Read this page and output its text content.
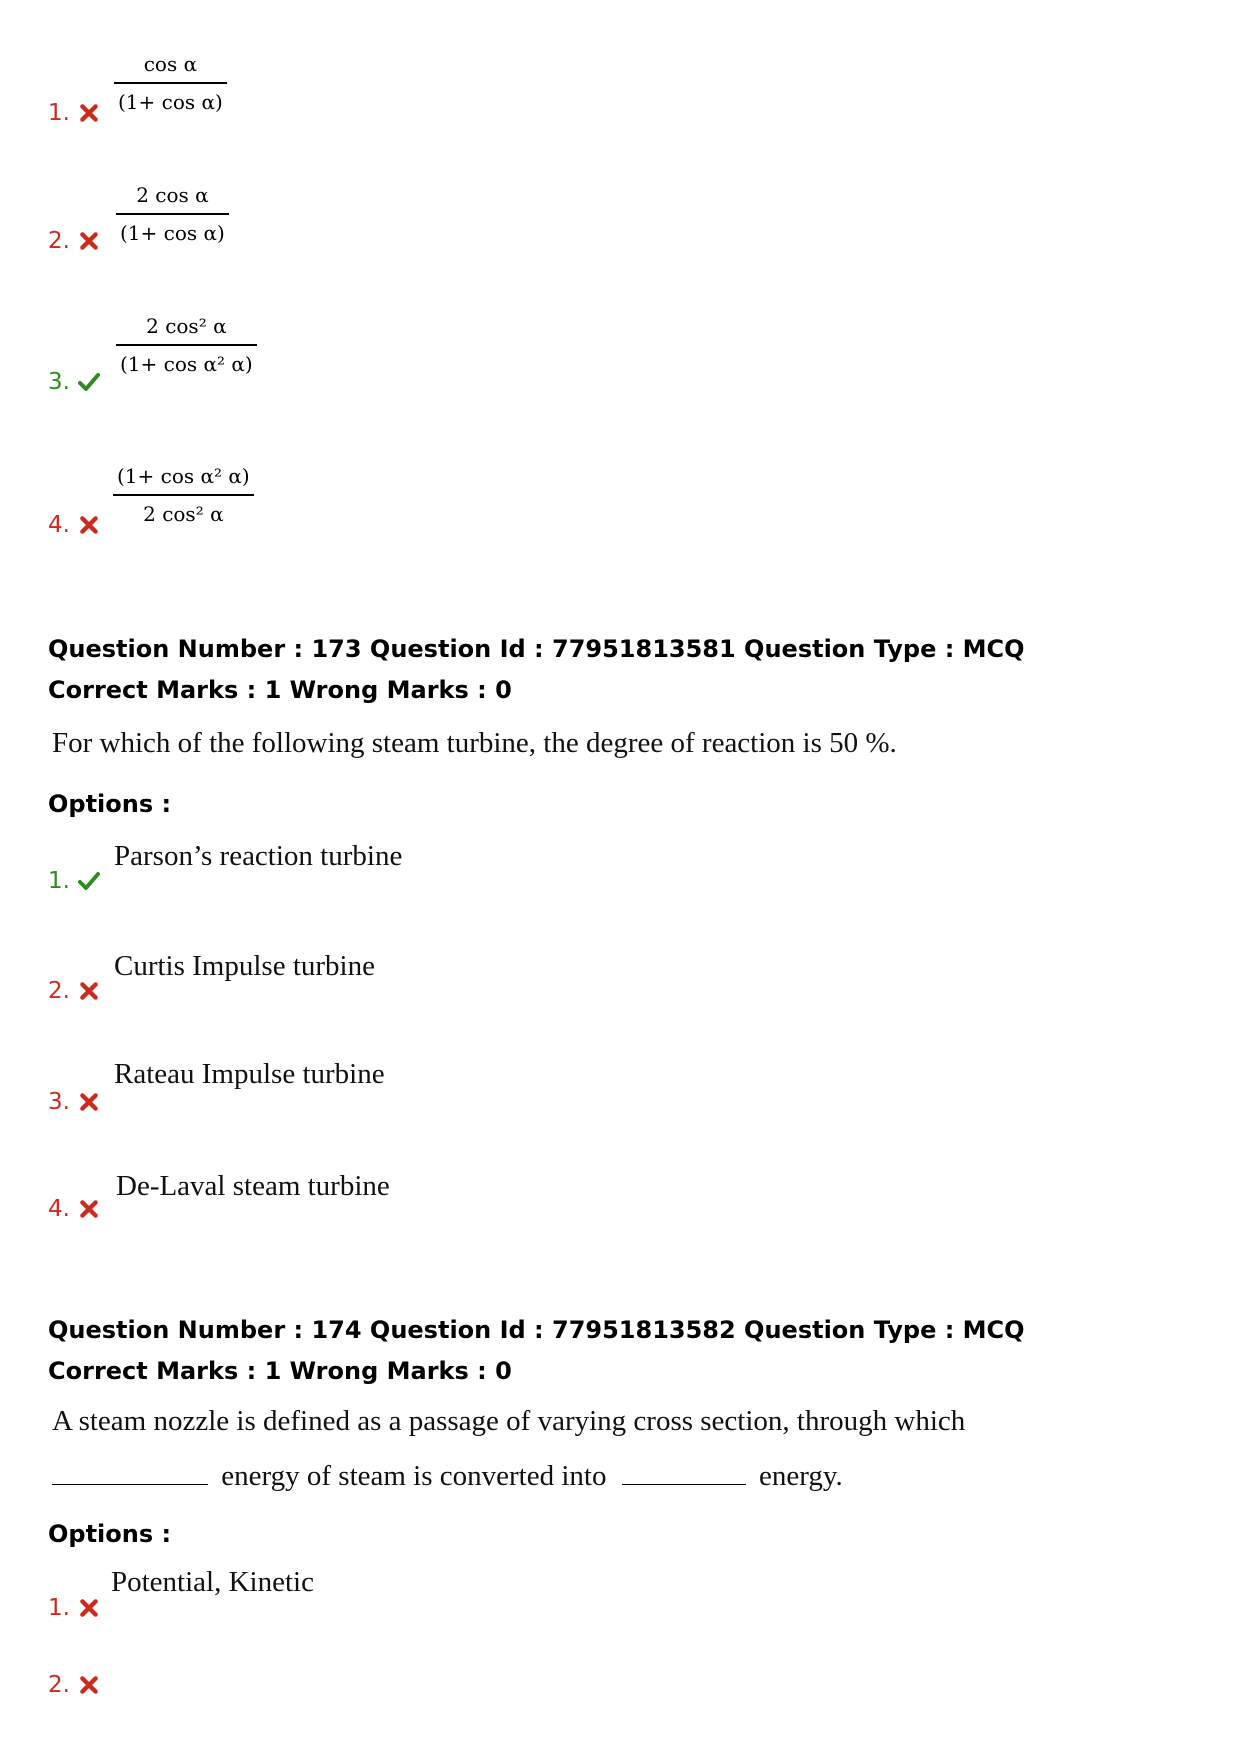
1.
cos α
(1+ cos α)
2.
2 cos α
(1+ cos α)
3.
2 cos² α
(1+ cos α² α)
4.
(1+ cos α² α)
2 cos² α
Question Number : 173 Question Id : 77951813581 Question Type : MCQ
Correct Marks : 1 Wrong Marks : 0
For which of the following steam turbine, the degree of reaction is 50 %.
Options :
1.
Parson’s reaction turbine
2.
Curtis Impulse turbine
3.
Rateau Impulse turbine
4.
De-Laval steam turbine
Question Number : 174 Question Id : 77951813582 Question Type : MCQ
Correct Marks : 1 Wrong Marks : 0
A steam nozzle is defined as a passage of varying cross section, through which
energy of steam is converted into	energy.
Options :
1.
Potential, Kinetic
2.
